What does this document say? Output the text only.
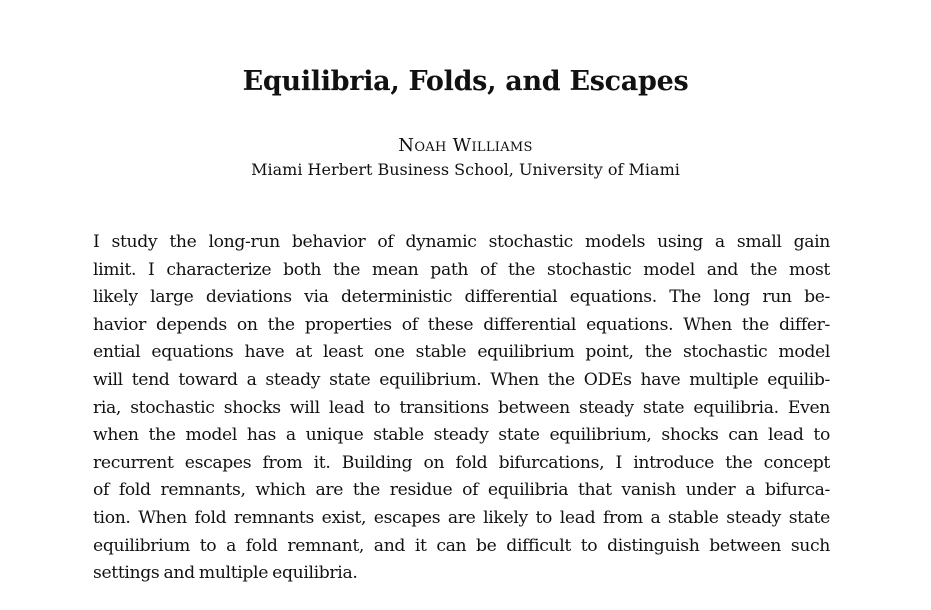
Equilibria, Folds, and Escapes
Noah Williams
Miami Herbert Business School, University of Miami
I study the long-run behavior of dynamic stochastic models using a small gain
limit. I characterize both the mean path of the stochastic model and the most
likely large deviations via deterministic differential equations. The long run be-
havior depends on the properties of these differential equations. When the differ-
ential equations have at least one stable equilibrium point, the stochastic model
will tend toward a steady state equilibrium. When the ODEs have multiple equilib-
ria, stochastic shocks will lead to transitions between steady state equilibria. Even
when the model has a unique stable steady state equilibrium, shocks can lead to
recurrent escapes from it. Building on fold bifurcations, I introduce the concept
of fold remnants, which are the residue of equilibria that vanish under a bifurca-
tion. When fold remnants exist, escapes are likely to lead from a stable steady state
equilibrium to a fold remnant, and it can be difficult to distinguish between such
settings and multiple equilibria.
